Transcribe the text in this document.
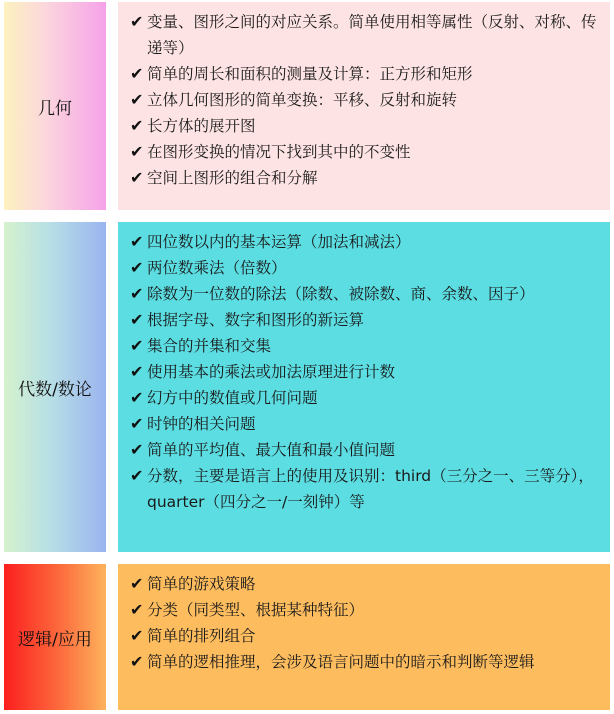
几何
✔ 变量、图形之间的对应关系。简单使用相等属性（反射、对称、传递等）
✔ 简单的周长和面积的测量及计算：正方形和矩形
✔ 立体几何图形的简单变换：平移、反射和旋转
✔ 长方体的展开图
✔ 在图形变换的情况下找到其中的不变性
✔ 空间上图形的组合和分解
代数/数论
✔ 四位数以内的基本运算（加法和减法）
✔ 两位数乘法（倍数）
✔ 除数为一位数的除法（除数、被除数、商、余数、因子）
✔ 根据字母、数字和图形的新运算
✔ 集合的并集和交集
✔ 使用基本的乘法或加法原理进行计数
✔ 幻方中的数值或几何问题
✔ 时钟的相关问题
✔ 简单的平均值、最大值和最小值问题
✔ 分数，主要是语言上的使用及识别：third（三分之一、三等分），quarter（四分之一/一刻钟）等
逻辑/应用
✔ 简单的游戏策略
✔ 分类（同类型、根据某种特征）
✔ 简单的排列组合
✔ 简单的逻相推理，会涉及语言问题中的暗示和判断等逻辑
